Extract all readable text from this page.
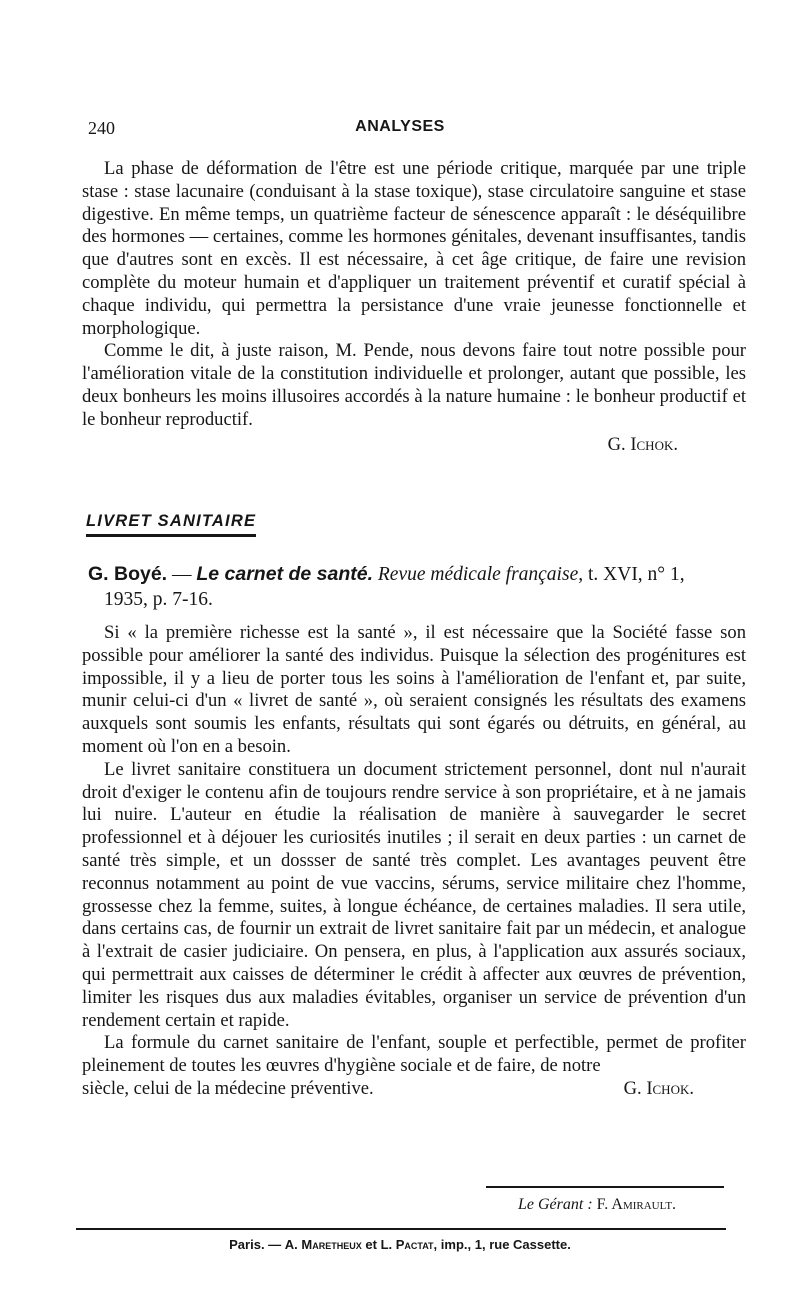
240	ANALYSES

La phase de déformation de l'être est une période critique, marquée par une triple stase : stase lacunaire (conduisant à la stase toxique), stase circulatoire sanguine et stase digestive. En même temps, un quatrième facteur de sénescence apparaît : le déséquilibre des hormones — certaines, comme les hormones génitales, devenant insuffisantes, tandis que d'autres sont en excès. Il est nécessaire, à cet âge critique, de faire une revision complète du moteur humain et d'appliquer un traitement préventif et curatif spécial à chaque individu, qui permettra la persistance d'une vraie jeunesse fonctionnelle et morphologique.

Comme le dit, à juste raison, M. Pende, nous devons faire tout notre possible pour l'amélioration vitale de la constitution individuelle et prolonger, autant que possible, les deux bonheurs les moins illusoires accordés à la nature humaine : le bonheur productif et le bonheur reproductif.

G. Ichok.

LIVRET SANITAIRE
G. Boyé. — Le carnet de santé. Revue médicale française, t. XVI, n° 1,
1935, p. 7-16.

Si « la première richesse est la santé », il est nécessaire que la Société fasse son possible pour améliorer la santé des individus. Puisque la sélection des progénitures est impossible, il y a lieu de porter tous les soins à l'amélioration de l'enfant et, par suite, munir celui-ci d'un « livret de santé », où seraient consignés les résultats des examens auxquels sont soumis les enfants, résultats qui sont égarés ou détruits, en général, au moment où l'on en a besoin.

Le livret sanitaire constituera un document strictement personnel, dont nul n'aurait droit d'exiger le contenu afin de toujours rendre service à son propriétaire, et à ne jamais lui nuire. L'auteur en étudie la réalisation de manière à sauvegarder le secret professionnel et à déjouer les curiosités inutiles ; il serait en deux parties : un carnet de santé très simple, et un dossser de santé très complet. Les avantages peuvent être reconnus notamment au point de vue vaccins, sérums, service militaire chez l'homme, grossesse chez la femme, suites, à longue échéance, de certaines maladies. Il sera utile, dans certains cas, de fournir un extrait de livret sanitaire fait par un médecin, et analogue à l'extrait de casier judiciaire. On pensera, en plus, à l'application aux assurés sociaux, qui permettrait aux caisses de déterminer le crédit à affecter aux œuvres de prévention, limiter les risques dus aux maladies évitables, organiser un service de prévention d'un rendement certain et rapide.

La formule du carnet sanitaire de l'enfant, souple et perfectible, permet de profiter pleinement de toutes les œuvres d'hygiène sociale et de faire, de notre

siècle, celui de la médecine préventive.	G. Ichok.

Le Gérant : F. Amirault.
Paris. — A. Maretheux et L. Pactat, imp., 1, rue Cassette.
